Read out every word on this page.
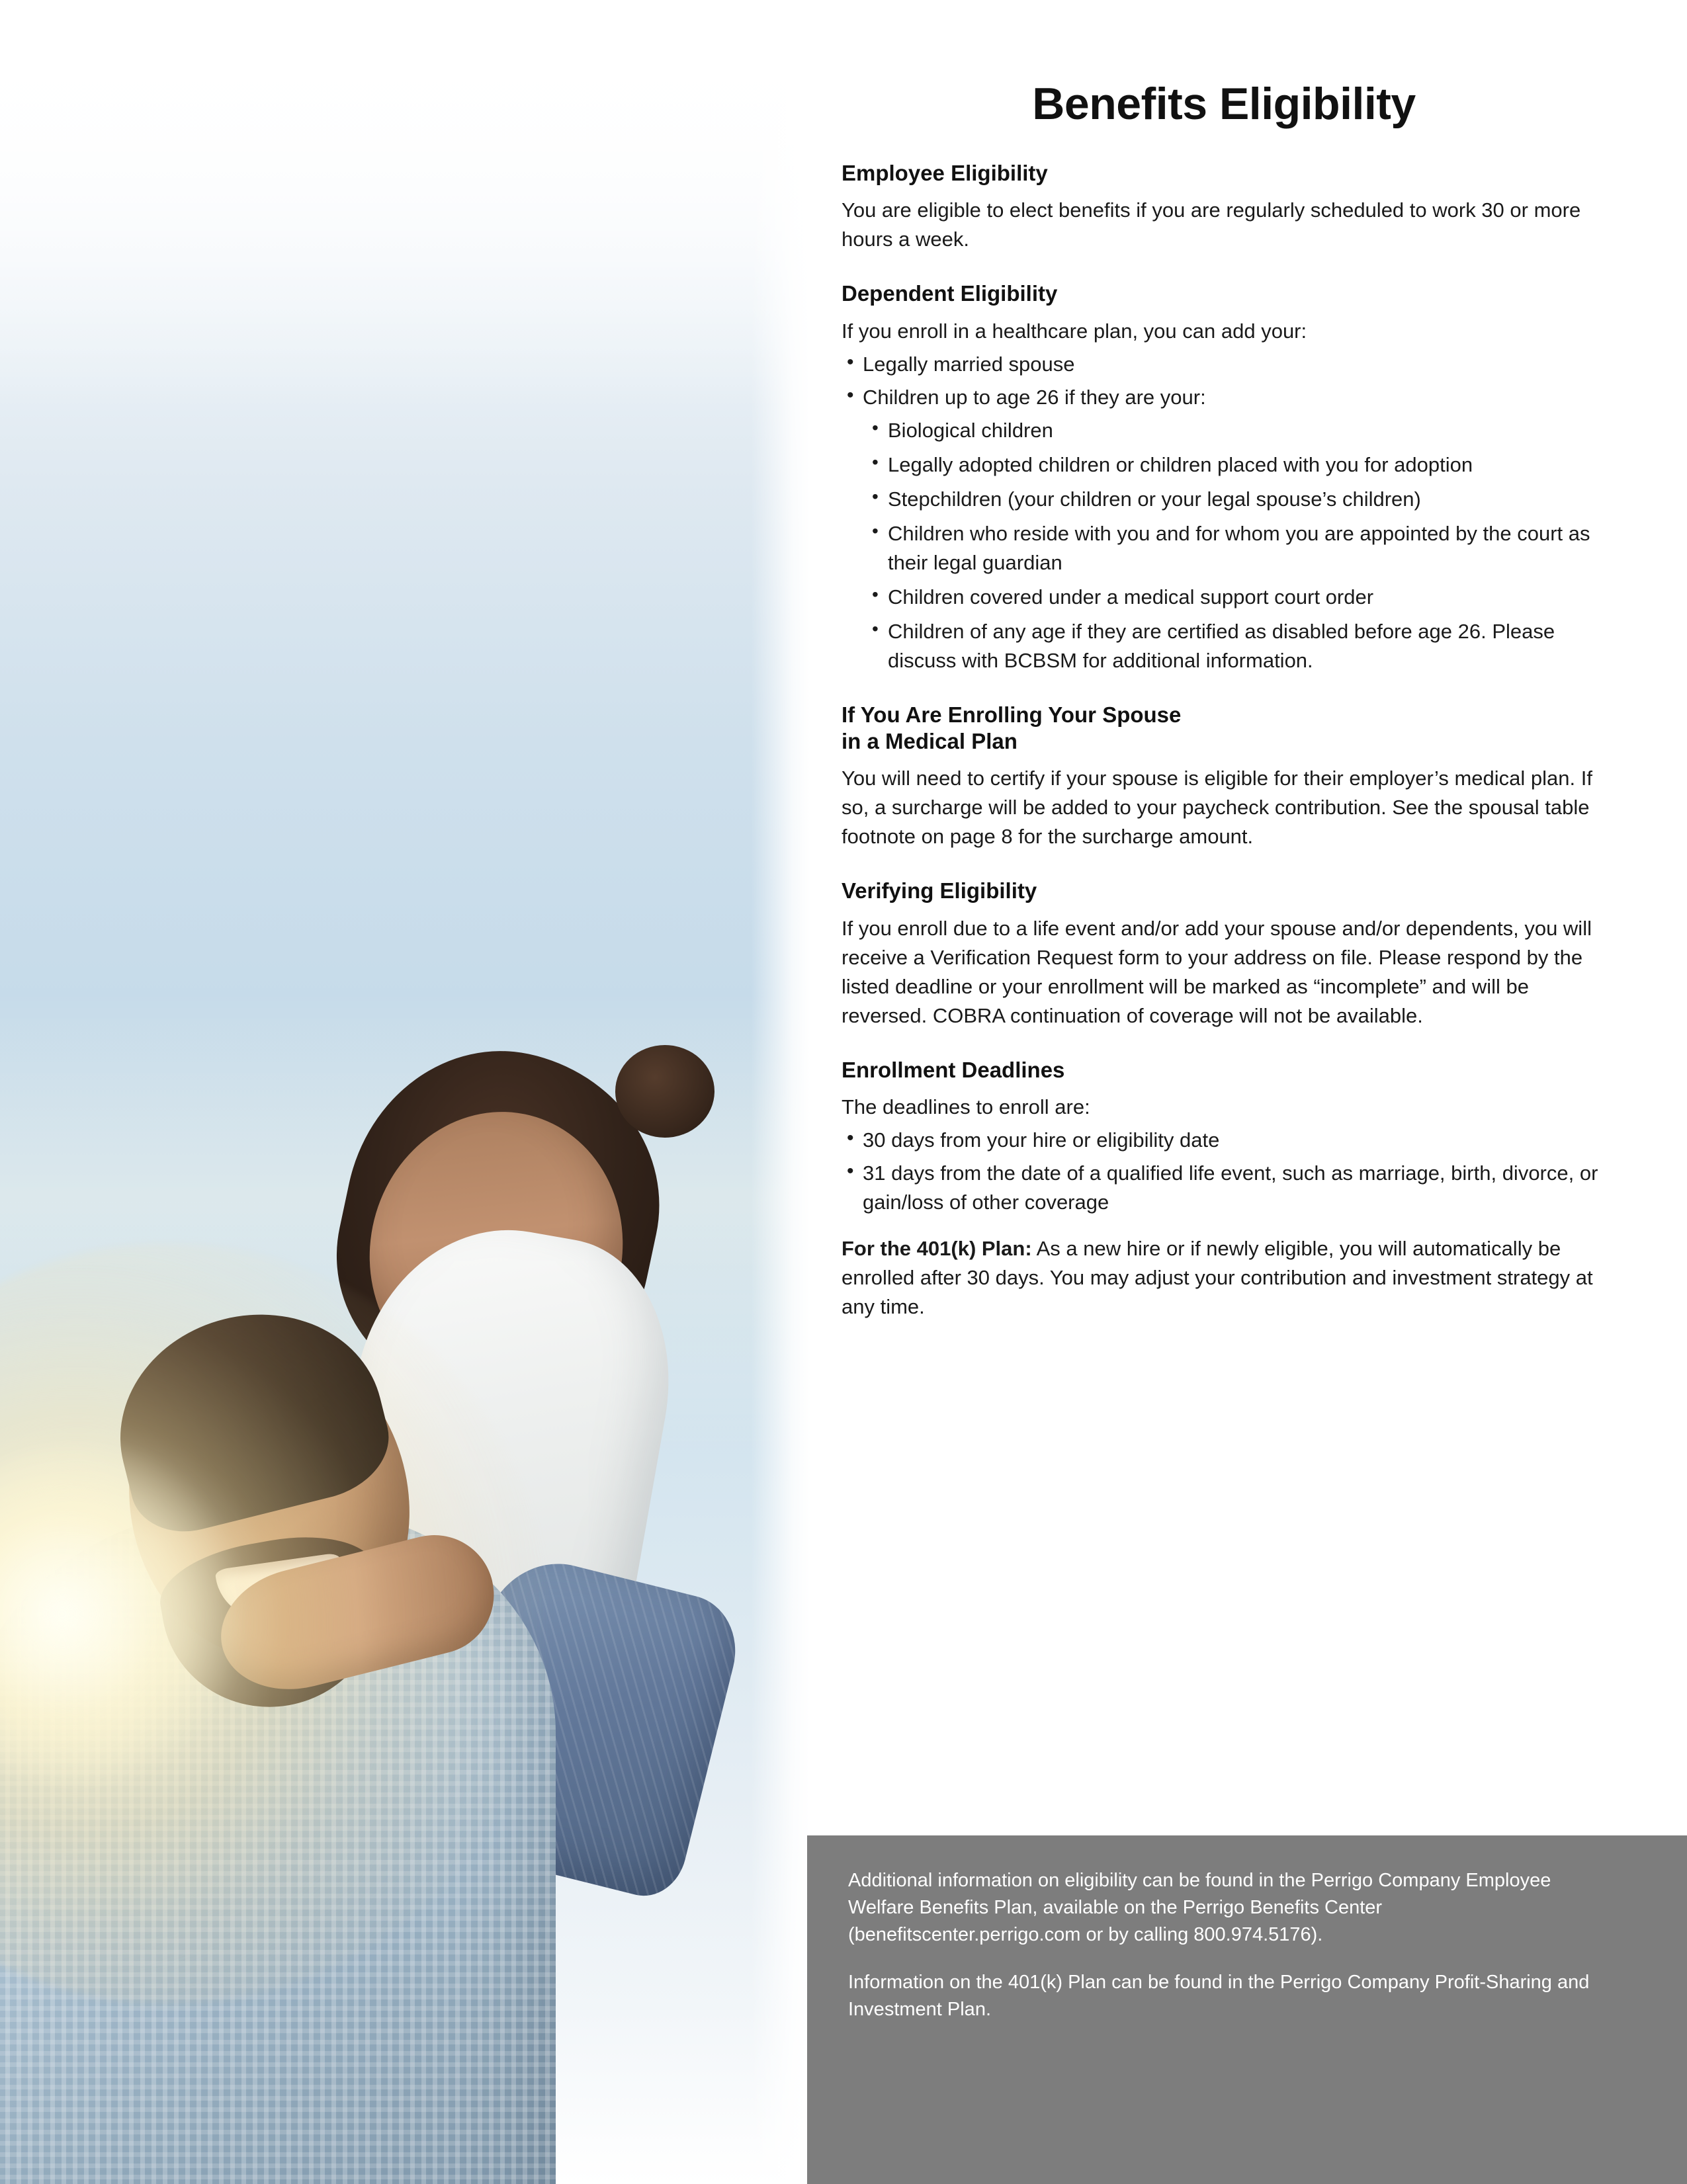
Benefits Eligibility
Employee Eligibility

You are eligible to elect benefits if you are regularly scheduled to work 30 or more hours a week.

Dependent Eligibility

If you enroll in a healthcare plan, you can add your:

• Legally married spouse
• Children up to age 26 if they are your:
• Biological children
• Legally adopted children or children placed with you for adoption
• Stepchildren (your children or your legal spouse’s children)
• Children who reside with you and for whom you are appointed by the court as their legal guardian
• Children covered under a medical support court order
• Children of any age if they are certified as disabled before age 26. Please discuss with BCBSM for additional information.
If You Are Enrolling Your Spouse
in a Medical Plan

You will need to certify if your spouse is eligible for their employer’s medical plan. If so, a surcharge will be added to your paycheck contribution. See the spousal table footnote on page 8 for the surcharge amount.

Verifying Eligibility

If you enroll due to a life event and/or add your spouse and/or dependents, you will receive a Verification Request form to your address on file. Please respond by the listed deadline or your enrollment will be marked as “incomplete” and will be reversed. COBRA continuation of coverage will not be available.

Enrollment Deadlines

The deadlines to enroll are:

• 30 days from your hire or eligibility date
• 31 days from the date of a qualified life event, such as marriage, birth, divorce, or gain/loss of other coverage

For the 401(k) Plan: As a new hire or if newly eligible, you will automatically be enrolled after 30 days. You may adjust your contribution and investment strategy at any time.

Additional information on eligibility can be found in the Perrigo Company Employee Welfare Benefits Plan, available on the Perrigo Benefits Center (benefitscenter.perrigo.com or by calling 800.974.5176).

Information on the 401(k) Plan can be found in the Perrigo Company Profit-Sharing and Investment Plan.
